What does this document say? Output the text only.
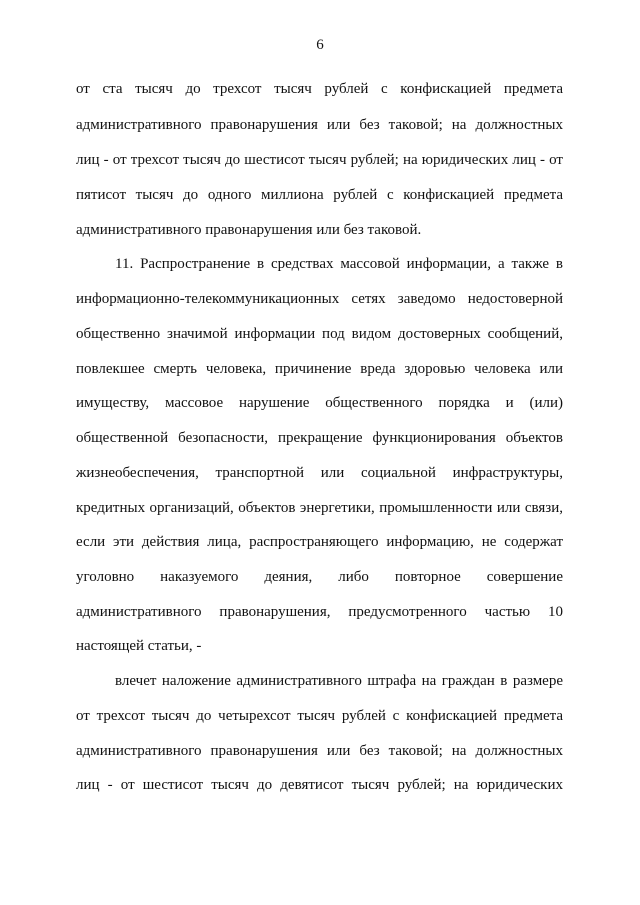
6
от ста тысяч до трехсот тысяч рублей с конфискацией предмета
административного правонарушения или без таковой; на должностных
лиц - от трехсот тысяч до шестисот тысяч рублей; на юридических лиц - от
пятисот тысяч до одного миллиона рублей с конфискацией предмета
административного правонарушения или без таковой.
11. Распространение в средствах массовой информации, а также в
информационно-телекоммуникационных сетях заведомо недостоверной
общественно значимой информации под видом достоверных сообщений,
повлекшее смерть человека, причинение вреда здоровью человека или
имуществу, массовое нарушение общественного порядка и (или)
общественной безопасности, прекращение функционирования объектов
жизнеобеспечения, транспортной или социальной инфраструктуры,
кредитных организаций, объектов энергетики, промышленности или связи,
если эти действия лица, распространяющего информацию, не содержат
уголовно наказуемого деяния, либо повторное совершение
административного правонарушения, предусмотренного частью 10
настоящей статьи, -
влечет наложение административного штрафа на граждан в размере
от трехсот тысяч до четырехсот тысяч рублей с конфискацией предмета
административного правонарушения или без таковой; на должностных
лиц - от шестисот тысяч до девятисот тысяч рублей; на юридических
